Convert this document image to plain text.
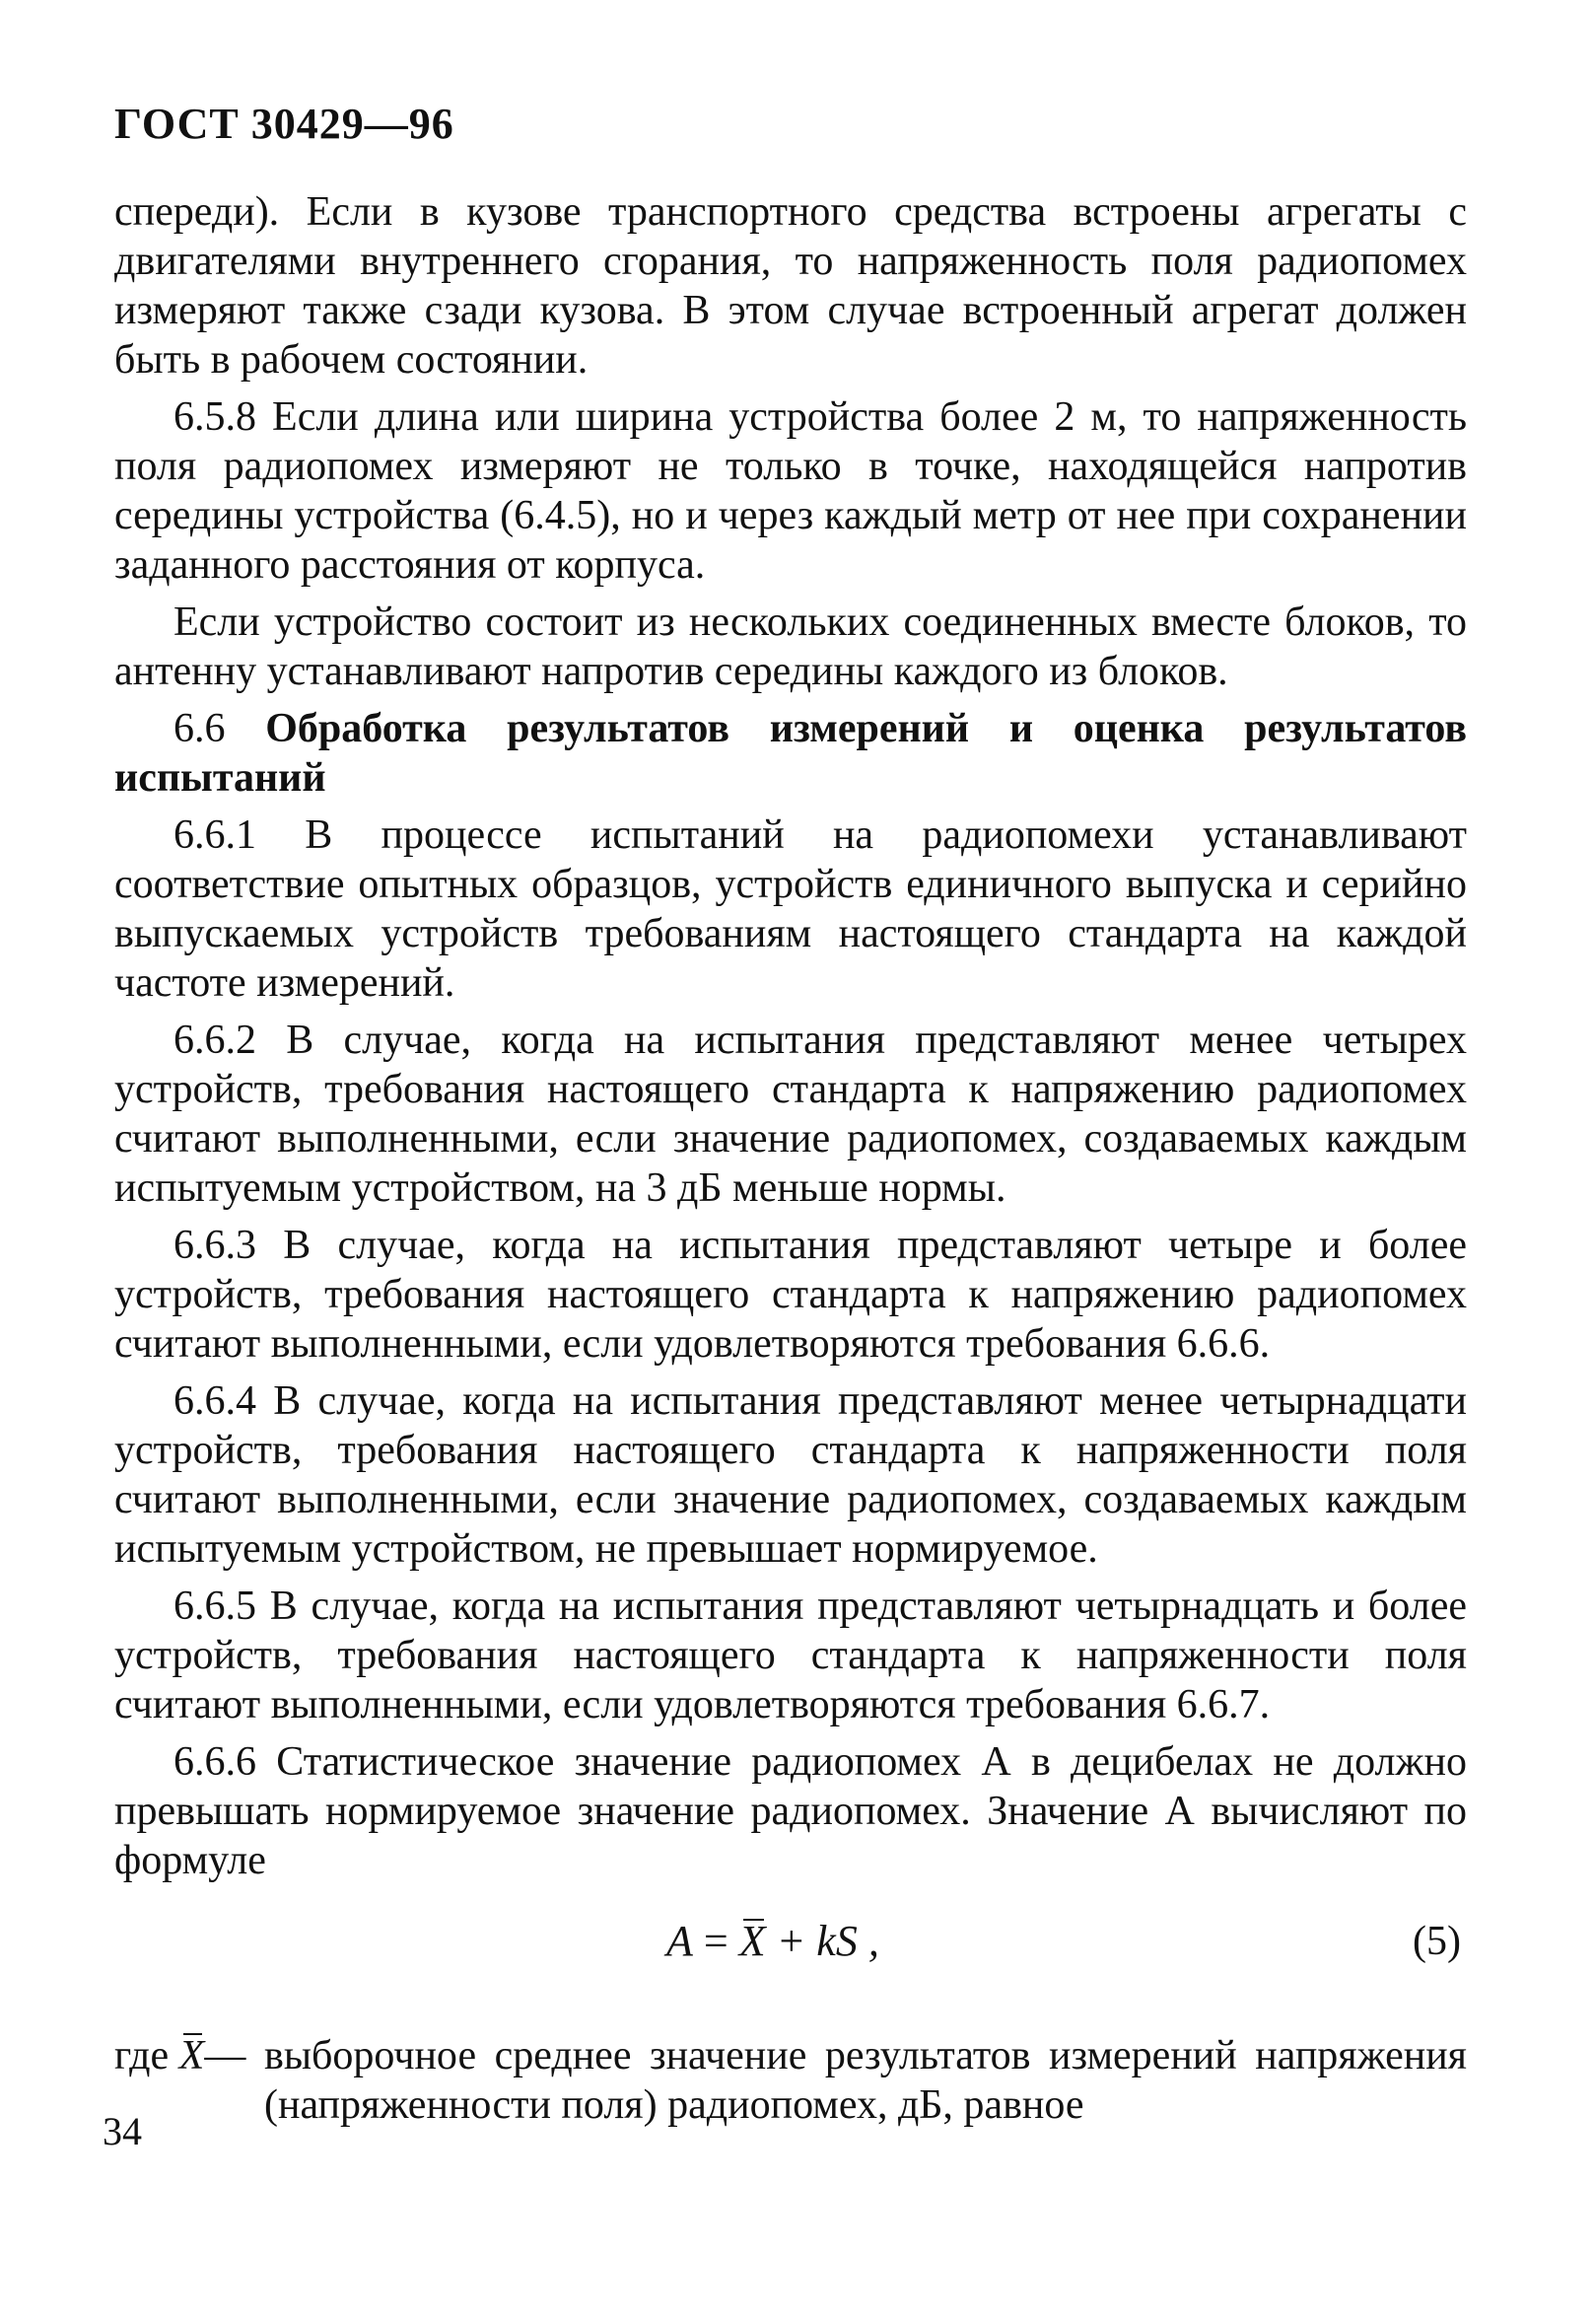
ГОСТ 30429—96

спереди). Если в кузове транспортного средства встроены агрегаты с двигателями внутреннего сгорания, то напряженность поля радиопомех измеряют также сзади кузова. В этом случае встроенный агрегат должен быть в рабочем состоянии.

6.5.8 Если длина или ширина устройства более 2 м, то напряженность поля радиопомех измеряют не только в точке, находящейся напротив середины устройства (6.4.5), но и через каждый метр от нее при сохранении заданного расстояния от корпуса.

Если устройство состоит из нескольких соединенных вместе блоков, то антенну устанавливают напротив середины каждого из блоков.

6.6 Обработка результатов измерений и оценка результатов испытаний

6.6.1 В процессе испытаний на радиопомехи устанавливают соответствие опытных образцов, устройств единичного выпуска и серийно выпускаемых устройств требованиям настоящего стандарта на каждой частоте измерений.

6.6.2 В случае, когда на испытания представляют менее четырех устройств, требования настоящего стандарта к напряжению радиопомех считают выполненными, если значение радиопомех, создаваемых каждым испытуемым устройством, на 3 дБ меньше нормы.

6.6.3 В случае, когда на испытания представляют четыре и более устройств, требования настоящего стандарта к напряжению радиопомех считают выполненными, если удовлетворяются требования 6.6.6.

6.6.4 В случае, когда на испытания представляют менее четырнадцати устройств, требования настоящего стандарта к напряженности поля считают выполненными, если значение радиопомех, создаваемых каждым испытуемым устройством, не превышает нормируемое.

6.6.5 В случае, когда на испытания представляют четырнадцать и более устройств, требования настоящего стандарта к напряженности поля считают выполненными, если удовлетворяются требования 6.6.7.

6.6.6 Статистическое значение радиопомех А в децибелах не должно превышать нормируемое значение радиопомех. Значение А вычисляют по формуле

A = X + kS ,	(5)
где X— выборочное среднее значение результатов измерений напряжения (напряженности поля) радиопомех, дБ, равное

34
